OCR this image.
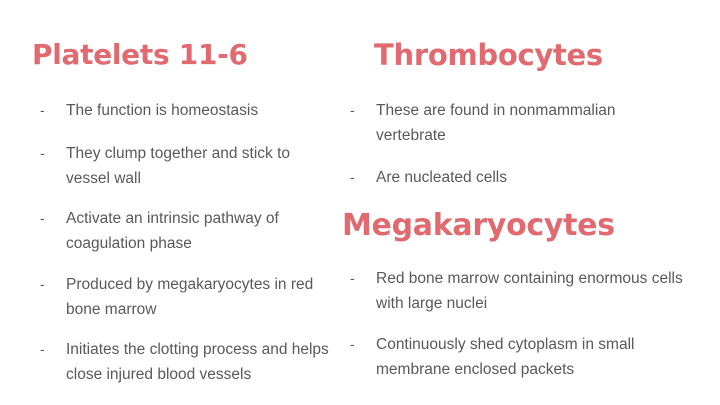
Platelets 11-6
-	The function is homeostasis
-	They clump together and stick to vessel wall
-	Activate an intrinsic pathway of coagulation phase
-	Produced by megakaryocytes in red bone marrow
-	Initiates the clotting process and helps close injured blood vessels
Thrombocytes
-	These are found in nonmammalian vertebrate
-	Are nucleated cells
Megakaryocytes
-	Red bone marrow containing enormous cells with large nuclei
-	Continuously shed cytoplasm in small membrane enclosed packets
